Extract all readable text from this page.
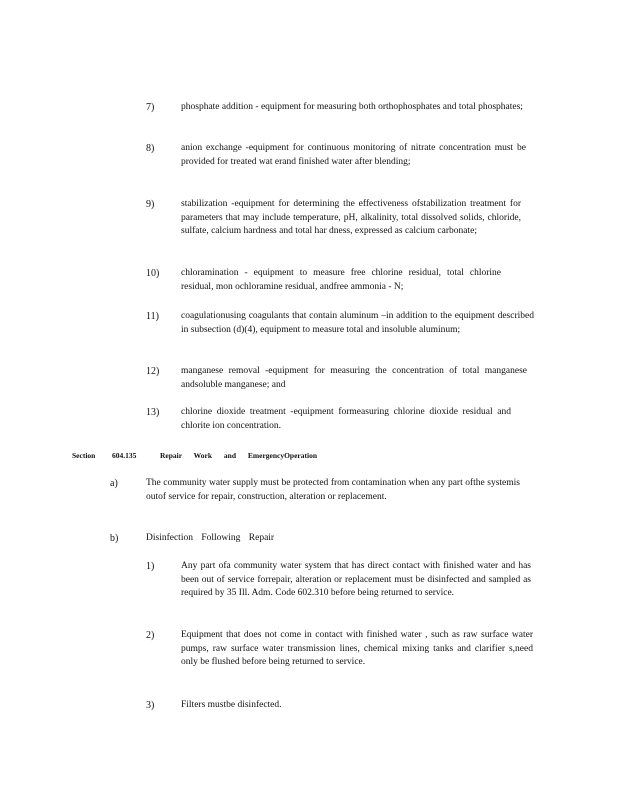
7)	phosphate addition - equipment for measuring both orthophosphates and total phosphates;
8)	anion exchange -equipment for continuous monitoring of nitrate concentration must be provided for treated wat erand finished water after blending;
9)	stabilization -equipment for determining the effectiveness ofstabilization treatment for parameters that may include temperature, pH, alkalinity, total dissolved solids, chloride, sulfate, calcium hardness and total har dness, expressed as calcium carbonate;
10) chloramination - equipment to measure free chlorine residual, total chlorine residual, mon ochloramine residual, andfree ammonia - N;
11) coagulationusing coagulants that contain aluminum –in addition to the equipment described in subsection (d)(4), equipment to measure total and insoluble aluminum;
12) manganese removal -equipment for measuring the concentration of total manganese andsoluble manganese; and
13) chlorine dioxide treatment -equipment formeasuring chlorine dioxide residual and chlorite ion concentration.
Section 604.135	Repair Work and EmergencyOperation
a)	The community water supply must be protected from contamination when any part ofthe systemis outof service for repair, construction, alteration or replacement.
b)	Disinfection Following Repair
1)	Any part ofa community water system that has direct contact with finished water and has been out of service forrepair, alteration or replacement must be disinfected and sampled as required by 35 Ill. Adm. Code 602.310 before being returned to service.
2)	Equipment that does not come in contact with finished water , such as raw surface water pumps, raw surface water transmission lines, chemical mixing tanks and clarifier s,need only be flushed before being returned to service.
3)	Filters mustbe disinfected.
